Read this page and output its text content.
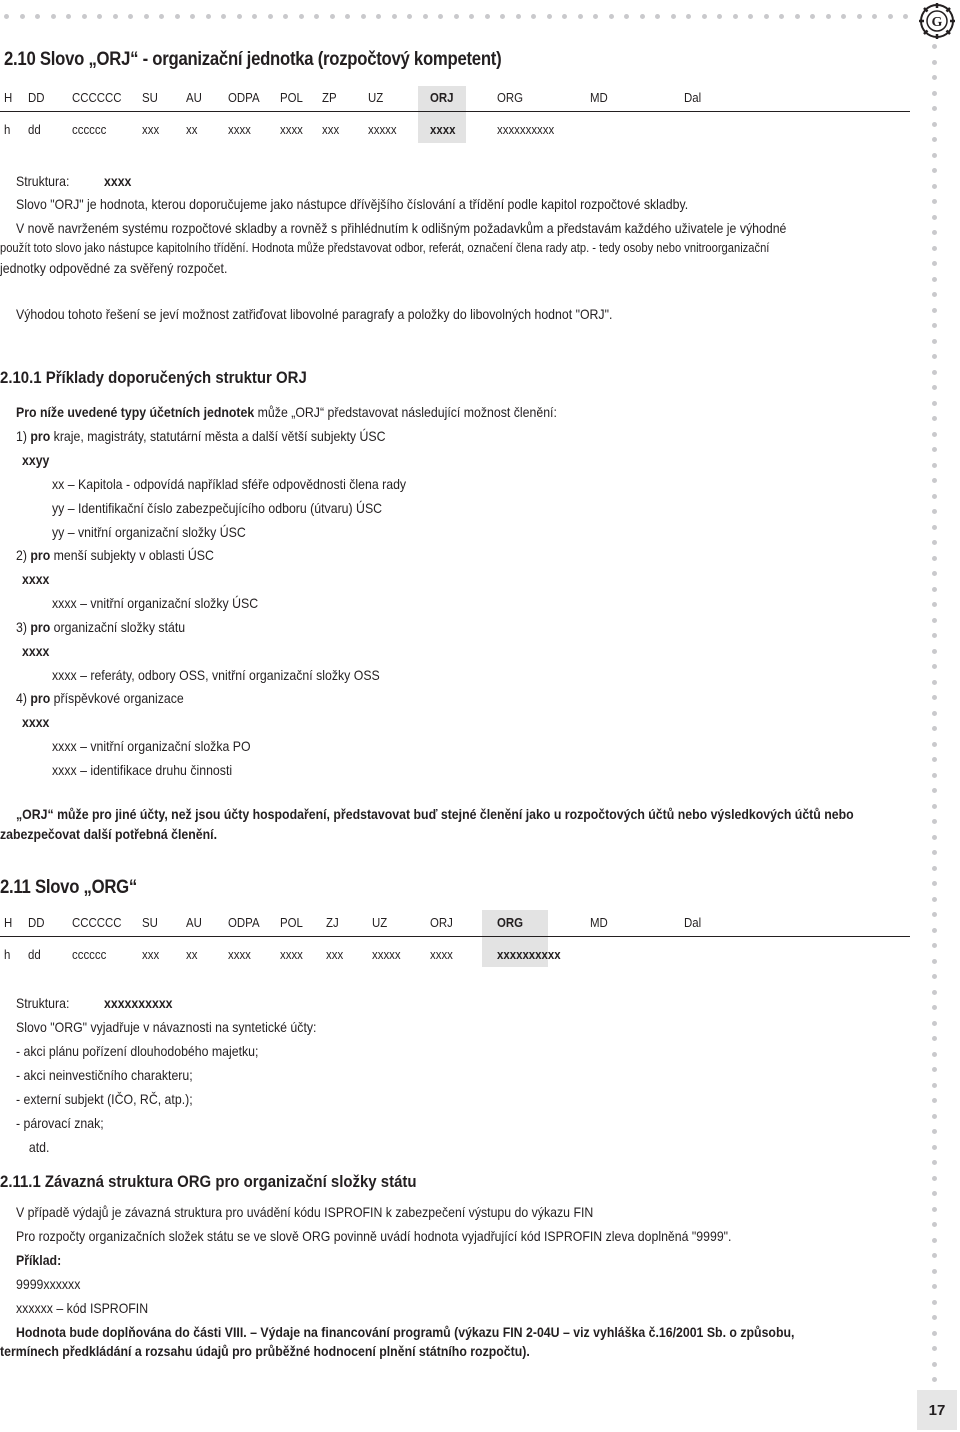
G
17
2.10 Slovo „ORJ“ - organizační jednotka (rozpočtový kompetent)
H DD CCCCCC SU AU ODPA POL ZP UZ	ORJ	ORG	MD	Dal
h dd cccccc	xxx xx xxxx xxxx xxx xxxxx	xxxx	xxxxxxxxxx
Struktura: xxxx
Slovo "ORJ" je hodnota, kterou doporučujeme jako nástupce dřívějšího číslování a třídění podle kapitol rozpočtové skladby.
V nově navrženém systému rozpočtové skladby a rovněž s přihlédnutím k odlišným požadavkům a představám každého uživatele je výhodné
použít toto slovo jako nástupce kapitolního třídění. Hodnota může představovat odbor, referát, označení člena rady atp. - tedy osoby nebo vnitroorganizační
jednotky odpovědné za svěřený rozpočet.
Výhodou tohoto řešení se jeví možnost zatřiďovat libovolné paragrafy a položky do libovolných hodnot "ORJ".
2.10.1 Příklady doporučených struktur ORJ
Pro níže uvedené typy účetních jednotek může „ORJ“ představovat následující možnost členění:
1) pro kraje, magistráty, statutární města a další větší subjekty ÚSC
xxyy
xx – Kapitola - odpovídá například sféře odpovědnosti člena rady
yy – Identifikační číslo zabezpečujícího odboru (útvaru) ÚSC
yy – vnitřní organizační složky ÚSC
2) pro menší subjekty v oblasti ÚSC
xxxx
xxxx – vnitřní organizační složky ÚSC
3) pro organizační složky státu
xxxx
xxxx – referáty, odbory OSS, vnitřní organizační složky OSS
4) pro příspěvkové organizace
xxxx
xxxx – vnitřní organizační složka PO
xxxx – identifikace druhu činnosti
„ORJ“ může pro jiné účty, než jsou účty hospodaření, představovat buď stejné členění jako u rozpočtových účtů nebo výsledkových účtů nebo
zabezpečovat další potřebná členění.
2.11 Slovo „ORG“
H DD CCCCCC SU AU ODPA POL ZJ	UZ	ORJ	ORG	MD	Dal
h dd cccccc	xxx xx xxxx xxxx xxx xxxxx xxxx	xxxxxxxxxx
Struktura: xxxxxxxxxx
Slovo "ORG" vyjadřuje v návaznosti na syntetické účty:
- akci plánu pořízení dlouhodobého majetku;
- akci neinvestičního charakteru;
- externí subjekt (IČO, RČ, atp.);
- párovací znak;
atd.
2.11.1 Závazná struktura ORG pro organizační složky státu
V případě výdajů je závazná struktura pro uvádění kódu ISPROFIN k zabezpečení výstupu do výkazu FIN
Pro rozpočty organizačních složek státu se ve slově ORG povinně uvádí hodnota vyjadřující kód ISPROFIN zleva doplněná "9999".
Příklad:
9999xxxxxx
xxxxxx – kód ISPROFIN
Hodnota bude doplňována do části VIII. – Výdaje na financování programů (výkazu FIN 2-04U – viz vyhláška č.16/2001 Sb. o způsobu,
termínech předkládání a rozsahu údajů pro průběžné hodnocení plnění státního rozpočtu).
